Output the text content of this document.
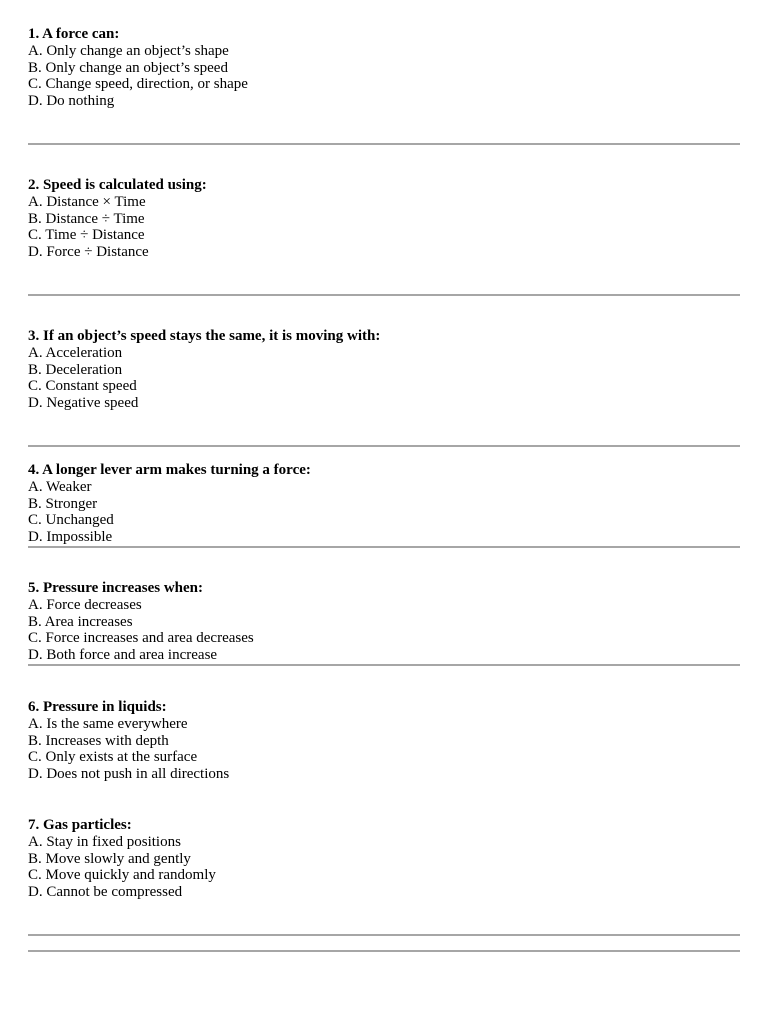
1. A force can:
A. Only change an object’s shape
B. Only change an object’s speed
C. Change speed, direction, or shape
D. Do nothing
2. Speed is calculated using:
A. Distance × Time
B. Distance ÷ Time
C. Time ÷ Distance
D. Force ÷ Distance
3. If an object’s speed stays the same, it is moving with:
A. Acceleration
B. Deceleration
C. Constant speed
D. Negative speed
4. A longer lever arm makes turning a force:
A. Weaker
B. Stronger
C. Unchanged
D. Impossible
5. Pressure increases when:
A. Force decreases
B. Area increases
C. Force increases and area decreases
D. Both force and area increase
6. Pressure in liquids:
A. Is the same everywhere
B. Increases with depth
C. Only exists at the surface
D. Does not push in all directions
7. Gas particles:
A. Stay in fixed positions
B. Move slowly and gently
C. Move quickly and randomly
D. Cannot be compressed
